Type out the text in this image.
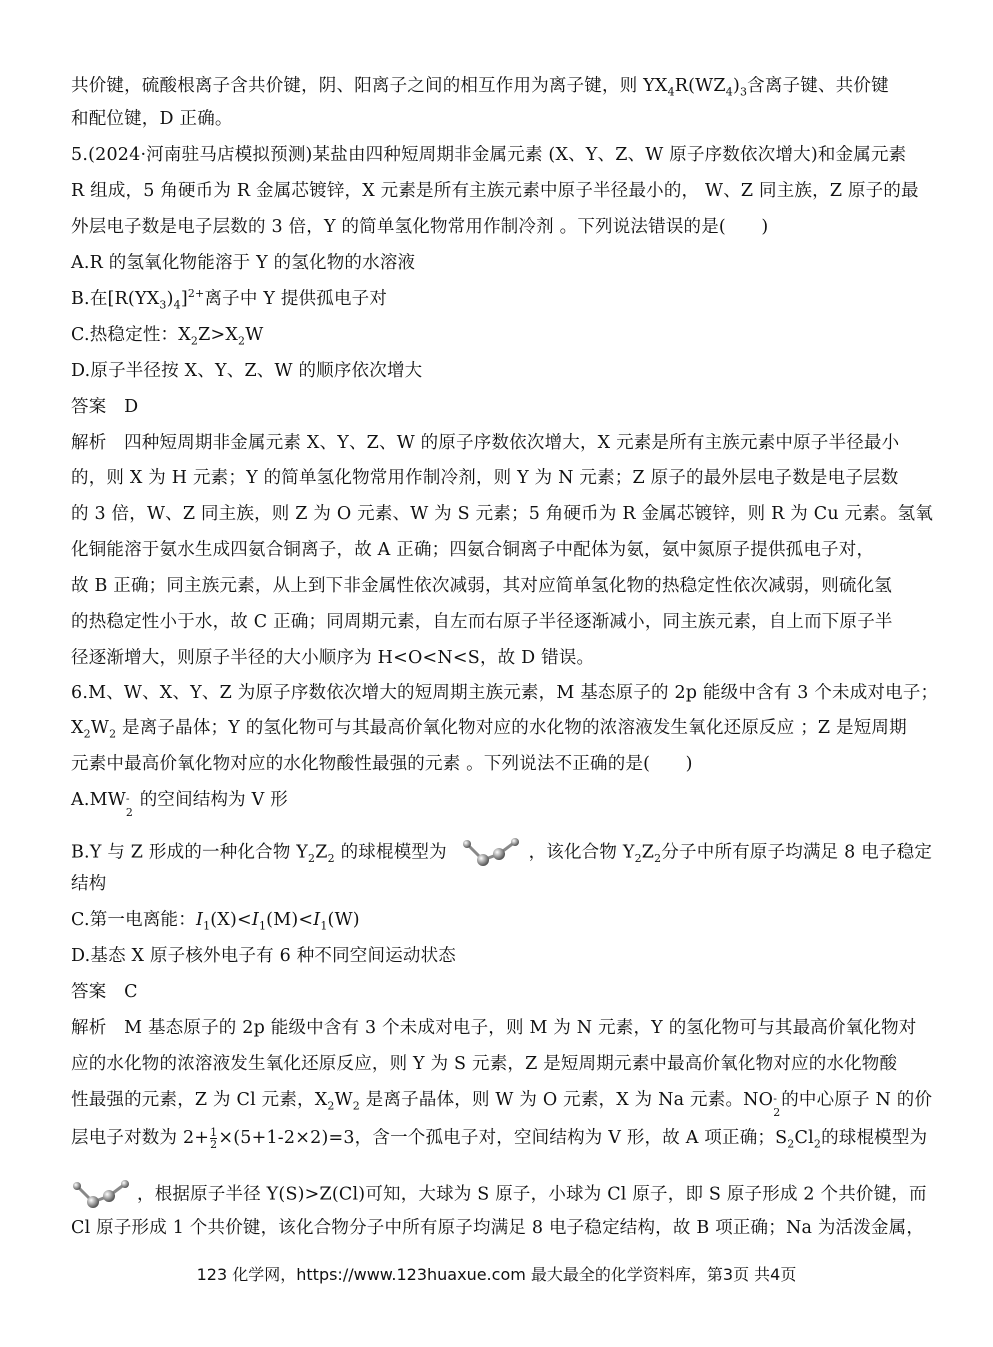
共价键，硫酸根离子含共价键，阴、阳离子之间的相互作用为离子键，则 $YX_4R(WZ_4)_3$含离子键、共价键
和配位键，D 正确。
5.(2024·河南驻马店模拟预测)某盐由四种短周期非金属元素 (X、Y、Z、W 原子序数依次增大)和金属元素
R 组成，5 角硬币为 R 金属芯镀锌，X 元素是所有主族元素中原子半径最小的， W、Z 同主族，Z 原子的最
外层电子数是电子层数的 3 倍，Y 的简单氢化物常用作制冷剂 。下列说法错误的是(　　)
A.R 的氢氧化物能溶于 Y 的氢化物的水溶液
B.在$[R(YX_3)_4]^{2+}$离子中 Y 提供孤电子对
C.热稳定性：$X_2Z>X_2W$
D.原子半径按 X、Y、Z、W 的顺序依次增大
答案　D
解析　四种短周期非金属元素 X、Y、Z、W 的原子序数依次增大，X 元素是所有主族元素中原子半径最小
的，则 X 为 H 元素；Y 的简单氢化物常用作制冷剂，则 Y 为 N 元素；Z 原子的最外层电子数是电子层数
的 3 倍，W、Z 同主族，则 Z 为 O 元素、W 为 S 元素；5 角硬币为 R 金属芯镀锌，则 R 为 Cu 元素。氢氧
化铜能溶于氨水生成四氨合铜离子，故 A 正确；四氨合铜离子中配体为氨，氨中氮原子提供孤电子对，
故 B 正确；同主族元素，从上到下非金属性依次减弱，其对应简单氢化物的热稳定性依次减弱，则硫化氢
的热稳定性小于水，故 C 正确；同周期元素，自左而右原子半径逐渐减小，同主族元素，自上而下原子半
径逐渐增大，则原子半径的大小顺序为 H<O<N<S，故 D 错误。
6.M、W、X、Y、Z 为原子序数依次增大的短周期主族元素，M 基态原子的 2p 能级中含有 3 个未成对电子；
$X_2W_2$ 是离子晶体；Y 的氢化物可与其最高价氧化物对应的水化物的浓溶液发生氧化还原反应 ；Z 是短周期
元素中最高价氧化物对应的水化物酸性最强的元素 。下列说法不正确的是(　　)
A.MW -
2
的空间结构为 V 形
B.Y 与 Z 形成的一种化合物 $Y_2Z_2$ 的球棍模型为	，该化合物 $Y_2Z_2$分子中所有原子均满足 8 电子稳定
结构
C.第一电离能：$I_1(X)<I_1(M)<I_1(W)$
D.基态 X 原子核外电子有 6 种不同空间运动状态
答案　C
解析　M 基态原子的 2p 能级中含有 3 个未成对电子，则 M 为 N 元素，Y 的氢化物可与其最高价氧化物对
应的水化物的浓溶液发生氧化还原反应，则 Y 为 S 元素，Z 是短周期元素中最高价氧化物对应的水化物酸
性最强的元素，Z 为 Cl 元素，$X_2W_2$ 是离子晶体，则 W 为 O 元素，X 为 Na 元素。NO -
2
的中心原子 N 的价
层电子对数为 $2+ \frac{1}{2} \times(5+1-2\times 2)=3$，含一个孤电子对，空间结构为 V 形，故 A 项正确；$S_2Cl_2$的球棍模型为
，根据原子半径 Y(S)>Z(Cl)可知，大球为 S 原子，小球为 Cl 原子，即 S 原子形成 2 个共价键，而
Cl 原子形成 1 个共价键，该化合物分子中所有原子均满足 8 电子稳定结构，故 B 项正确；Na 为活泼金属，
123 化学网，https://www.123huaxue.com 最大最全的化学资料库，第3页 共4页
